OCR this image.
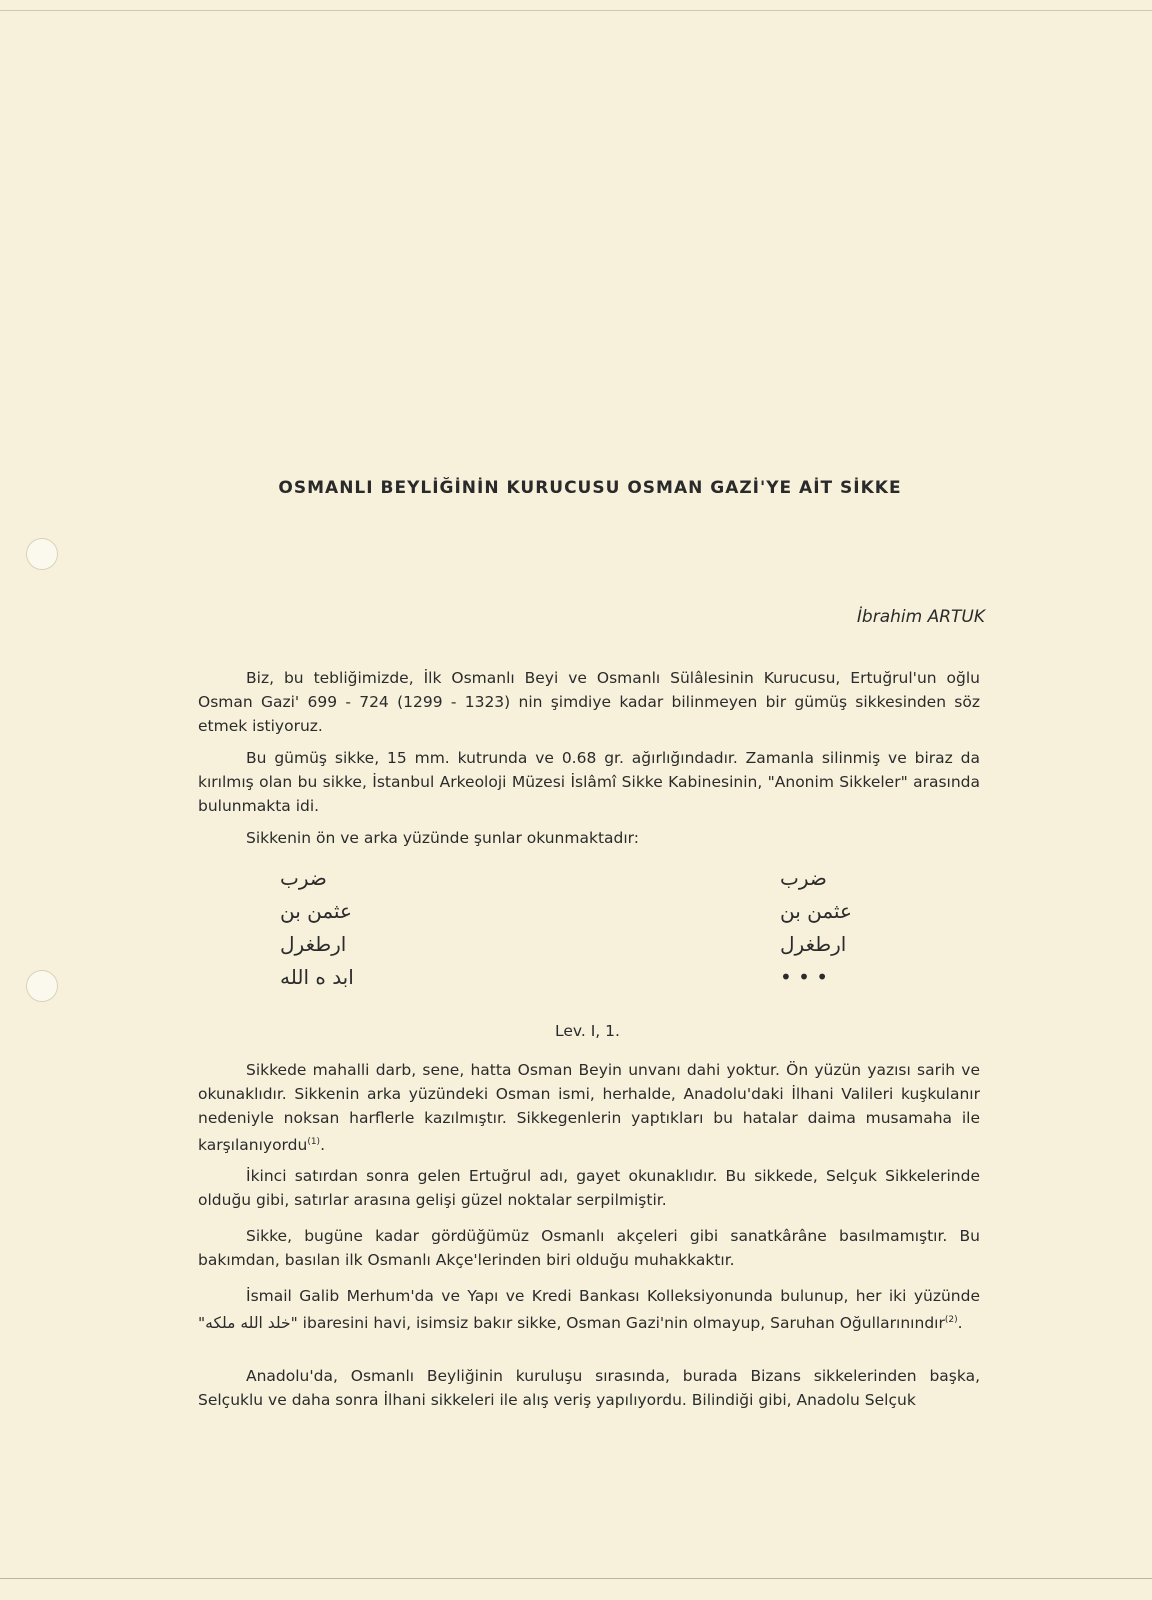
OSMANLI BEYLİĞİNİN KURUCUSU OSMAN GAZİ'YE AİT SİKKE
İbrahim ARTUK

Biz, bu tebliğimizde, İlk Osmanlı Beyi ve Osmanlı Sülâlesinin Kurucusu, Ertuğrul'un oğlu Osman Gazi' 699 - 724 (1299 - 1323) nin şimdiye kadar bilinmeyen bir gümüş sikkesinden söz etmek istiyoruz.

Bu gümüş sikke, 15 mm. kutrunda ve 0.68 gr. ağırlığındadır. Zamanla silinmiş ve biraz da kırılmış olan bu sikke, İstanbul Arkeoloji Müzesi İslâmî Sikke Kabinesinin, "Anonim Sikkeler" arasında bulunmakta idi.

Sikkenin ön ve arka yüzünde şunlar okunmaktadır:

ضرب
عثمن بن
ارطغرل
ابد ه الله
ضرب
عثمن بن
ارطغرل
• • •
Lev. I, 1.

Sikkede mahalli darb, sene, hatta Osman Beyin unvanı dahi yoktur. Ön yüzün yazısı sarih ve okunaklıdır. Sikkenin arka yüzündeki Osman ismi, herhalde, Anadolu'daki İlhani Valileri kuşkulanır nedeniyle noksan harflerle kazılmıştır. Sikkegenlerin yaptıkları bu hatalar daima musamaha ile karşılanıyordu$^{(1)}$.

İkinci satırdan sonra gelen Ertuğrul adı, gayet okunaklıdır. Bu sikkede, Selçuk Sikkelerinde olduğu gibi, satırlar arasına gelişi güzel noktalar serpilmiştir.

Sikke, bugüne kadar gördüğümüz Osmanlı akçeleri gibi sanatkârâne basılmamıştır. Bu bakımdan, basılan ilk Osmanlı Akçe'lerinden biri olduğu muhakkaktır.

İsmail Galib Merhum'da ve Yapı ve Kredi Bankası Kolleksiyonunda bulunup, her iki yüzünde "خلد الله ملكه" ibaresini havi, isimsiz bakır sikke, Osman Gazi'nin olmayup, Saruhan Oğullarınındır$^{(2)}$.

Anadolu'da, Osmanlı Beyliğinin kuruluşu sırasında, burada Bizans sikkelerinden başka, Selçuklu ve daha sonra İlhani sikkeleri ile alış veriş yapılıyordu. Bilindiği gibi, Anadolu Selçuk
